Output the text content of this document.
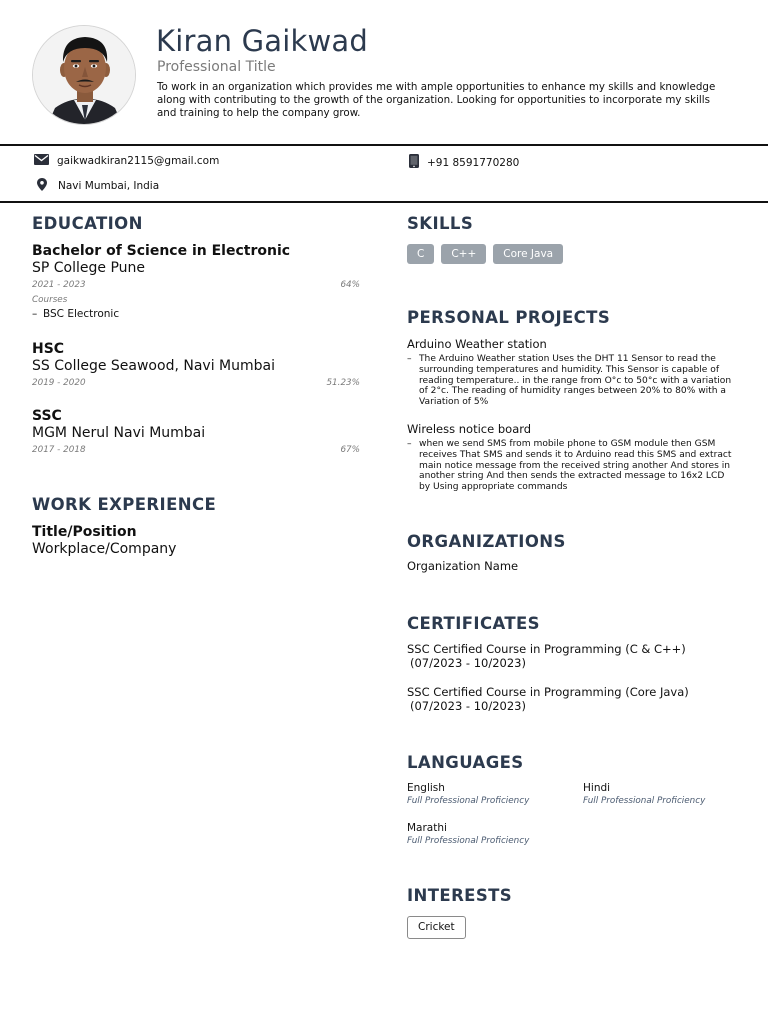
Kiran Gaikwad
Professional Title
To work in an organization which provides me with ample opportunities to enhance my skills and knowledge along with contributing to the growth of the organization. Looking for opportunities to incorporate my skills and training to help the company grow.
gaikwadkiran2115@gmail.com	+91 8591770280
Navi Mumbai, India
EDUCATION
Bachelor of Science in Electronic
SP College Pune
2021 - 2023	64%
Courses
– BSC Electronic
HSC
SS College Seawood, Navi Mumbai
2019 - 2020	51.23%
SSC
MGM Nerul Navi Mumbai
2017 - 2018	67%
WORK EXPERIENCE
Title/Position
Workplace/Company
SKILLS
C	C++	Core Java
PERSONAL PROJECTS
Arduino Weather station
– The Arduino Weather station Uses the DHT 11 Sensor to read the surrounding temperatures and humidity. This Sensor is capable of reading temperature.. in the range from O°c to 50°c with a variation of 2°c. The reading of humidity ranges between 20% to 80% with a Variation of 5%
Wireless notice board
– when we send SMS from mobile phone to GSM module then GSM receives That SMS and sends it to Arduino read this SMS and extract main notice message from the received string another And stores in another string And then sends the extracted message to 16x2 LCD by Using appropriate commands
ORGANIZATIONS
Organization Name
CERTIFICATES
SSC Certified Course in Programming (C & C++)
(07/2023 - 10/2023)
SSC Certified Course in Programming (Core Java)
(07/2023 - 10/2023)
LANGUAGES
English
Full Professional Proficiency
Hindi
Full Professional Proficiency
Marathi
Full Professional Proficiency
INTERESTS
Cricket
